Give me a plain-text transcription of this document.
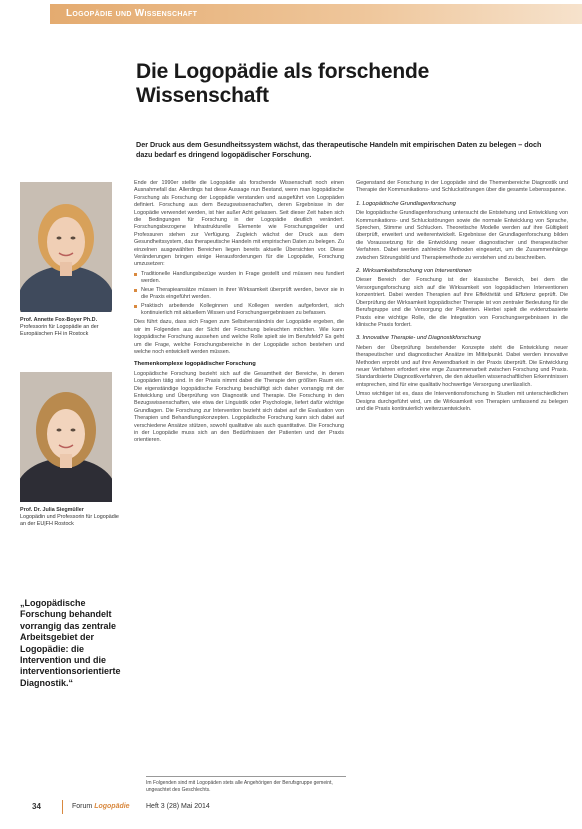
Logopädie und Wissenschaft
Die Logopädie als forschende Wissenschaft
Der Druck aus dem Gesundheitssystem wächst, das therapeutische Handeln mit empirischen Daten zu belegen – doch dazu bedarf es dringend logopädischer Forschung.
Prof. Annette Fox-Boyer Ph.D.
Professorin für Logopädie an der Europäischen FH in Rostock
Prof. Dr. Julia Siegmüller
Logopädin und Professorin für Logopädie an der EU|FH Rostock
„Logopädische Forschung behandelt vorrangig das zentrale Arbeitsgebiet der Logopädie: die Intervention und die interventionsorientierte Diagnostik.“

Ende der 1990er stellte die Logopädie als forschende Wissenschaft noch einen Ausnahmefall dar. Allerdings hat diese Aussage nun Bestand, wenn man logopädische Forschung als Forschung der Logopädie verstanden und ausgeführt von Logopäden definiert. Forschung aus dem Bezugswissenschaften, deren Ergebnisse in der Logopädie verwendet werden, ist hier außer Acht gelassen. Seit dieser Zeit haben sich die Bedingungen für Forschung in der Logopädie deutlich verändert. Forschungsbezogene Infrastrukturelle Elemente wie Forschungsgelder und Professuren stehen zur Verfügung. Zugleich wächst der Druck aus dem Gesundheitssystem, das therapeutische Handeln mit empirischen Daten zu belegen. Zu einzelnen ausgewählten Bereichen liegen bereits aktuelle Übersichten vor. Diese Veränderungen bringen einige Herausforderungen für die Logopädie, Forschung umzusetzen:

Traditionelle Handlungsbezüge wurden in Frage gestellt und müssen neu fundiert werden.
Neue Therapieansätze müssen in ihrer Wirksamkeit überprüft werden, bevor sie in die Praxis eingeführt werden.
Praktisch arbeitende Kolleginnen und Kollegen werden aufgefordert, sich kontinuierlich mit aktuellem Wissen und Forschungsergebnissen zu befassen.

Dies führt dazu, dass sich Fragen zum Selbstverständnis der Logopädie ergeben, die wir im Folgenden aus der Sicht der Forschung beleuchten möchten. Wie kann logopädische Forschung aussehen und welche Rolle spielt sie im Berufsfeld? Es geht um die Frage, welche Forschungsbereiche in der Logopädie schon bestehen und welche noch entwickelt werden müssen.

Themenkomplexe logopädischer Forschung

Logopädische Forschung bezieht sich auf die Gesamtheit der Bereiche, in denen Logopäden tätig sind. In der Praxis nimmt dabei die Therapie den größten Raum ein. Die eigenständige logopädische Forschung beschäftigt sich daher vorrangig mit der Entwicklung und Überprüfung von Diagnostik und Therapie. Die Forschung in den Bezugswissenschaften, wie etwa der Linguistik oder Psychologie, liefert dafür wichtige Grundlagen. Die Forschung zur Intervention bezieht sich dabei auf die Evaluation von Therapien und Behandlungskonzepten. Logopädische Forschung kann sich dabei auf verschiedene Ansätze stützen, sowohl qualitative als auch quantitative. Die Forschung in der Logopädie muss sich an den Bedürfnissen der Patienten und der Praxis orientieren.

Im Folgenden sind mit Logopäden stets alle Angehörigen der Berufsgruppe gemeint, ungeachtet des Geschlechts.

Gegenstand der Forschung in der Logopädie sind die Themenbereiche Diagnostik und Therapie der Kommunikations- und Schluckstörungen über die gesamte Lebensspanne.

1. Logopädische Grundlagenforschung

Die logopädische Grundlagenforschung untersucht die Entstehung und Entwicklung von Kommunikations- und Schluckstörungen sowie die normale Entwicklung von Sprache, Sprechen, Stimme und Schlucken. Theoretische Modelle werden auf ihre Gültigkeit überprüft, erweitert und weiterentwickelt. Ergebnisse der Grundlagenforschung bilden die Voraussetzung für die Entwicklung neuer diagnostischer und therapeutischer Verfahren. Dabei werden zahlreiche Methoden eingesetzt, um die Zusammenhänge zwischen Störungsbild und Therapiemethode zu verstehen und zu beschreiben.

2. Wirksamkeitsforschung von Interventionen

Dieser Bereich der Forschung ist der klassische Bereich, bei dem die Versorgungsforschung sich auf die Wirksamkeit von logopädischen Interventionen konzentriert. Dabei werden Therapien auf ihre Effektivität und Effizienz geprüft. Die Überprüfung der Wirksamkeit logopädischer Therapie ist von zentraler Bedeutung für die Berufsgruppe und die Versorgung der Patienten. Hierbei spielt die evidenzbasierte Praxis eine wichtige Rolle, die die Integration von Forschungsergebnissen in die klinische Praxis fordert.

3. Innovative Therapie- und Diagnostikforschung

Neben der Überprüfung bestehender Konzepte steht die Entwicklung neuer therapeutischer und diagnostischer Ansätze im Mittelpunkt. Dabei werden innovative Methoden erprobt und auf ihre Anwendbarkeit in der Praxis überprüft. Die Entwicklung neuer Verfahren erfordert eine enge Zusammenarbeit zwischen Forschung und Praxis. Standardisierte Diagnostikverfahren, die den aktuellen wissenschaftlichen Erkenntnissen entsprechen, sind für eine qualitativ hochwertige Versorgung unerlässlich.

Umso wichtiger ist es, dass die Interventionsforschung in Studien mit unterschiedlichen Designs durchgeführt wird, um die Wirksamkeit von Therapien umfassend zu belegen und die Praxis kontinuierlich weiterzuentwickeln.

34	Forum Logopädie Heft 3 (28) Mai 2014
